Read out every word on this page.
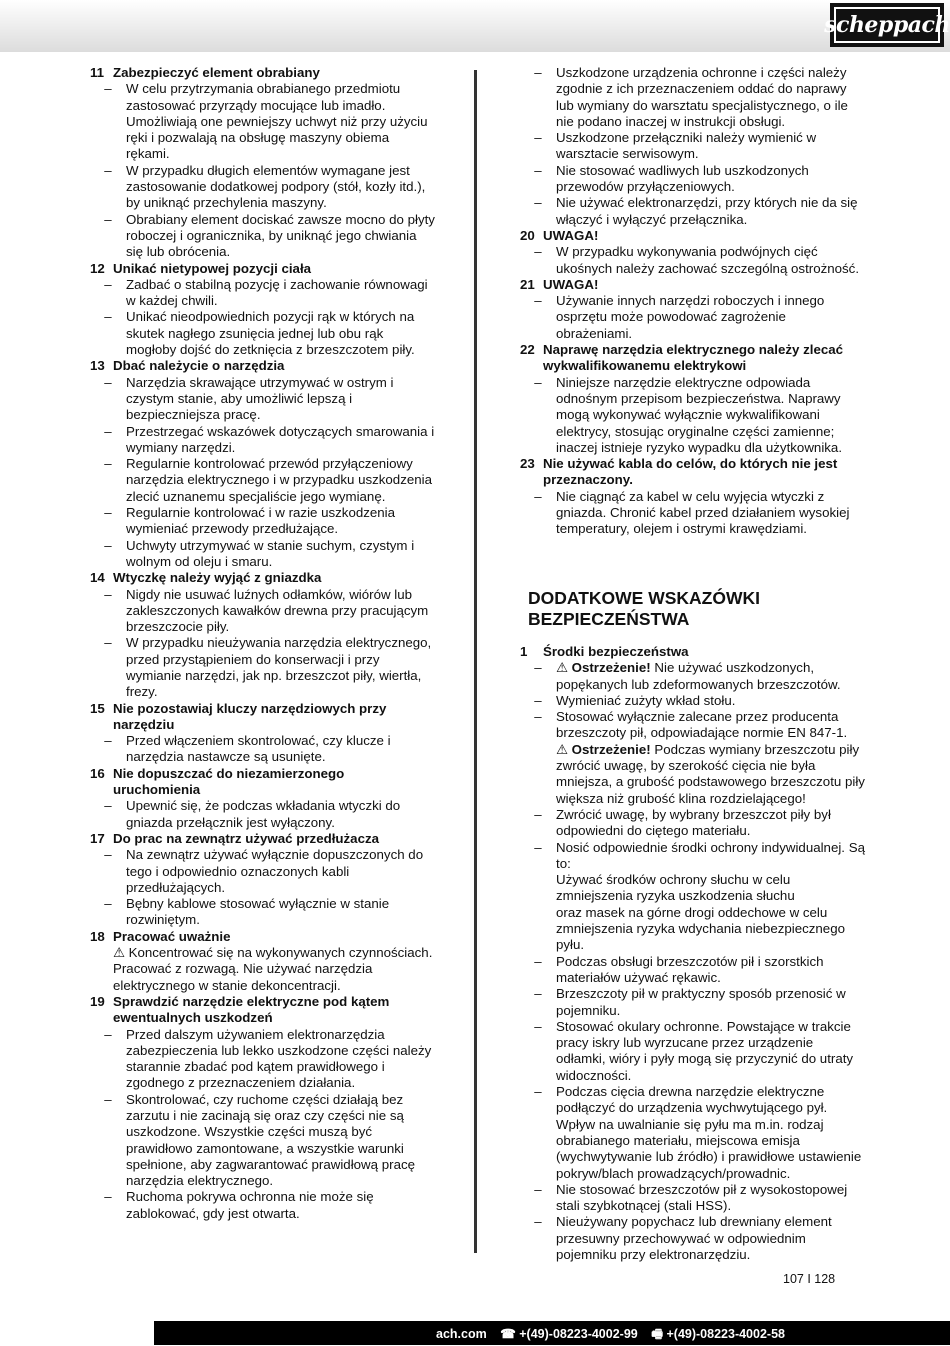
scheppach
11 Zabezpieczyć element obrabiany
–	W celu przytrzymania obrabianego przedmiotu zastosować przyrządy mocujące lub imadło. Umożliwiają one pewniejszy uchwyt niż przy użyciu ręki i pozwalają na obsługę maszyny obiema rękami.
–	W przypadku długich elementów wymagane jest zastosowanie dodatkowej podpory (stół, kozły itd.), by uniknąć przechylenia maszyny.
–	Obrabiany element dociskać zawsze mocno do płyty roboczej i ogranicznika, by uniknąć jego chwiania się lub obrócenia.
12 Unikać nietypowej pozycji ciała
–	Zadbać o stabilną pozycję i zachowanie równowagi w każdej chwili.
–	Unikać nieodpowiednich pozycji rąk w których na skutek nagłego zsunięcia jednej lub obu rąk mogłoby dojść do zetknięcia z brzeszczotem piły.
13 Dbać należycie o narzędzia
–	Narzędzia skrawające utrzymywać w ostrym i czystym stanie, aby umożliwić lepszą i bezpieczniejsza pracę.
–	Przestrzegać wskazówek dotyczących smarowania i wymiany narzędzi.
–	Regularnie kontrolować przewód przyłączeniowy narzędzia elektrycznego i w przypadku uszkodzenia zlecić uznanemu specjaliście jego wymianę.
–	Regularnie kontrolować i w razie uszkodzenia wymieniać przewody przedłużające.
–	Uchwyty utrzymywać w stanie suchym, czystym i wolnym od oleju i smaru.
14 Wtyczkę należy wyjąć z gniazdka
–	Nigdy nie usuwać luźnych odłamków, wiórów lub zakleszczonych kawałków drewna przy pracującym brzeszczocie piły.
–	W przypadku nieużywania narzędzia elektrycznego, przed przystąpieniem do konserwacji i przy wymianie narzędzi, jak np. brzeszczot piły, wiertła, frezy.
15 Nie pozostawiaj kluczy narzędziowych przy narzędziu
–	Przed włączeniem skontrolować, czy klucze i narzędzia nastawcze są usunięte.
16 Nie dopuszczać do niezamierzonego uruchomienia
–	Upewnić się, że podczas wkładania wtyczki do gniazda przełącznik jest wyłączony.
17 Do prac na zewnątrz używać przedłużacza
–	Na zewnątrz używać wyłącznie dopuszczonych do tego i odpowiednio oznaczonych kabli przedłużających.
–	Bębny kablowe stosować wyłącznie w stanie rozwiniętym.
18 Pracować uważnie
⚠ Koncentrować się na wykonywanych czynnościach. Pracować z rozwagą. Nie używać narzędzia elektrycznego w stanie dekoncentracji.
19 Sprawdzić narzędzie elektryczne pod kątem ewentualnych uszkodzeń
–	Przed dalszym używaniem elektronarzędzia zabezpieczenia lub lekko uszkodzone części należy starannie zbadać pod kątem prawidłowego i zgodnego z przeznaczeniem działania.
–	Skontrolować, czy ruchome części działają bez zarzutu i nie zacinają się oraz czy części nie są uszkodzone. Wszystkie części muszą być prawidłowo zamontowane, a wszystkie warunki spełnione, aby zagwarantować prawidłową pracę narzędzia elektrycznego.
–	Ruchoma pokrywa ochronna nie może się zablokować, gdy jest otwarta.
–	Uszkodzone urządzenia ochronne i części należy zgodnie z ich przeznaczeniem oddać do naprawy lub wymiany do warsztatu specjalistycznego, o ile nie podano inaczej w instrukcji obsługi.
–	Uszkodzone przełączniki należy wymienić w warsztacie serwisowym.
–	Nie stosować wadliwych lub uszkodzonych przewodów przyłączeniowych.
–	Nie używać elektronarzędzi, przy których nie da się włączyć i wyłączyć przełącznika.
20 UWAGA!
–	W przypadku wykonywania podwójnych cięć ukośnych należy zachować szczególną ostrożność.
21 UWAGA!
–	Używanie innych narzędzi roboczych i innego osprzętu może powodować zagrożenie obrażeniami.
22 Naprawę narzędzia elektrycznego należy zlecać wykwalifikowanemu elektrykowi
–	Niniejsze narzędzie elektryczne odpowiada odnośnym przepisom bezpieczeństwa. Naprawy mogą wykonywać wyłącznie wykwalifikowani elektrycy, stosując oryginalne części zamienne; inaczej istnieje ryzyko wypadku dla użytkownika.
23 Nie używać kabla do celów, do których nie jest przeznaczony.
–	Nie ciągnąć za kabel w celu wyjęcia wtyczki z gniazda. Chronić kabel przed działaniem wysokiej temperatury, olejem i ostrymi krawędziami.
DODATKOWE WSKAZÓWKI
BEZPIECZEŃSTWA
1	Środki bezpieczeństwa
–	⚠ Ostrzeżenie! Nie używać uszkodzonych, popękanych lub zdeformowanych brzeszczotów.
–	Wymieniać zużyty wkład stołu.
–	Stosować wyłącznie zalecane przez producenta brzeszczoty pił, odpowiadające normie EN 847-1.
⚠ Ostrzeżenie! Podczas wymiany brzeszczotu piły zwrócić uwagę, by szerokość cięcia nie była mniejsza, a grubość podstawowego brzeszczotu piły większa niż grubość klina rozdzielającego!
–	Zwrócić uwagę, by wybrany brzeszczot piły był odpowiedni do ciętego materiału.
–	Nosić odpowiednie środki ochrony indywidualnej. Są to:
Używać środków ochrony słuchu w celu zmniejszenia ryzyka uszkodzenia słuchu
oraz masek na górne drogi oddechowe w celu zmniejszenia ryzyka wdychania niebezpiecznego pyłu.
–	Podczas obsługi brzeszczotów pił i szorstkich materiałów używać rękawic.
–	Brzeszczoty pił w praktyczny sposób przenosić w pojemniku.
–	Stosować okulary ochronne. Powstające w trakcie pracy iskry lub wyrzucane przez urządzenie odłamki, wióry i pyły mogą się przyczynić do utraty widoczności.
–	Podczas cięcia drewna narzędzie elektryczne podłączyć do urządzenia wychwytującego pył. Wpływ na uwalnianie się pyłu ma m.in. rodzaj obrabianego materiału, miejscowa emisja (wychwytywanie lub źródło) i prawidłowe ustawienie pokryw/blach prowadzących/prowadnic.
–	Nie stosować brzeszczotów pił z wysokostopowej stali szybkotnącej (stali HSS).
–	Nieużywany popychacz lub drewniany element przesuwny przechowywać w odpowiednim pojemniku przy elektronarzędziu.
107 I 128
ach.com ☎ +(49)-08223-4002-99 🖷 +(49)-08223-4002-58
